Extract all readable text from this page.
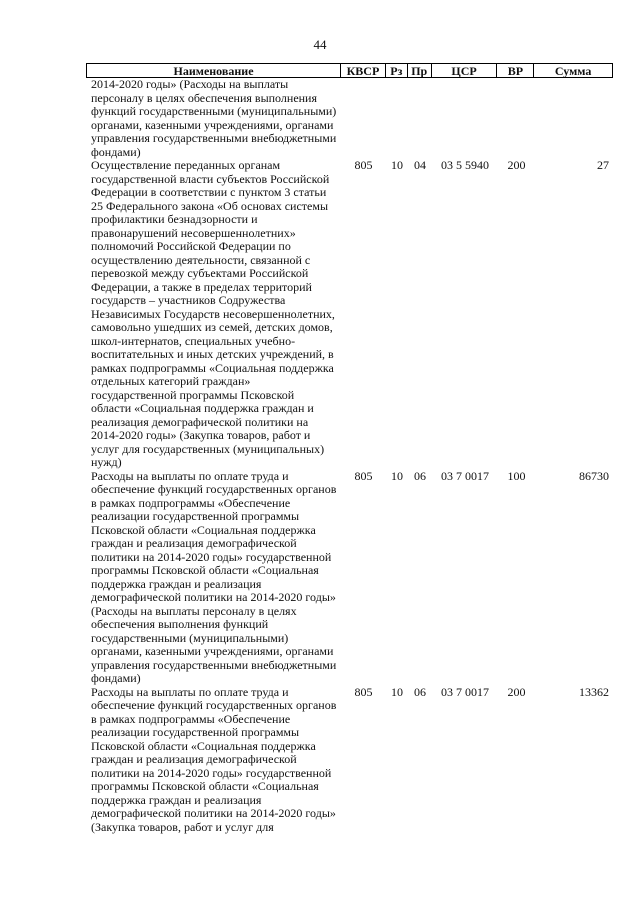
44
Наименование	КВСР Рз Пр	ЦСР	ВР	Сумма
2014-2020 годы» (Расходы на выплаты
персоналу в целях обеспечения выполнения
функций государственными (муниципальными)
органами, казенными учреждениями, органами
управления государственными внебюджетными
фондами)
Осуществление переданных органам
государственной власти субъектов Российской
Федерации в соответствии с пунктом 3 статьи
25 Федерального закона «Об основах системы
профилактики безнадзорности и
правонарушений несовершеннолетних»
полномочий Российской Федерации по
осуществлению деятельности, связанной с
перевозкой между субъектами Российской
Федерации, а также в пределах территорий
государств – участников Содружества
Независимых Государств несовершеннолетних,
самовольно ушедших из семей, детских домов,
школ-интернатов, специальных учебно-
воспитательных и иных детских учреждений, в
рамках подпрограммы «Социальная поддержка
отдельных категорий граждан»
государственной программы Псковской
области «Социальная поддержка граждан и
реализация демографической политики на
2014-2020 годы» (Закупка товаров, работ и
услуг для государственных (муниципальных)
нужд)
805	10 04	03 5 5940	200	27
Расходы на выплаты по оплате труда и
обеспечение функций государственных органов
в рамках подпрограммы «Обеспечение
реализации государственной программы
Псковской области «Социальная поддержка
граждан и реализация демографической
политики на 2014-2020 годы» государственной
программы Псковской области «Социальная
поддержка граждан и реализация
демографической политики на 2014-2020 годы»
(Расходы на выплаты персоналу в целях
обеспечения выполнения функций
государственными (муниципальными)
органами, казенными учреждениями, органами
управления государственными внебюджетными
фондами)
805	10 06	03 7 0017	100	86730
Расходы на выплаты по оплате труда и
обеспечение функций государственных органов
в рамках подпрограммы «Обеспечение
реализации государственной программы
Псковской области «Социальная поддержка
граждан и реализация демографической
политики на 2014-2020 годы» государственной
программы Псковской области «Социальная
поддержка граждан и реализация
демографической политики на 2014-2020 годы»
(Закупка товаров, работ и услуг для
805	10 06	03 7 0017	200	13362
